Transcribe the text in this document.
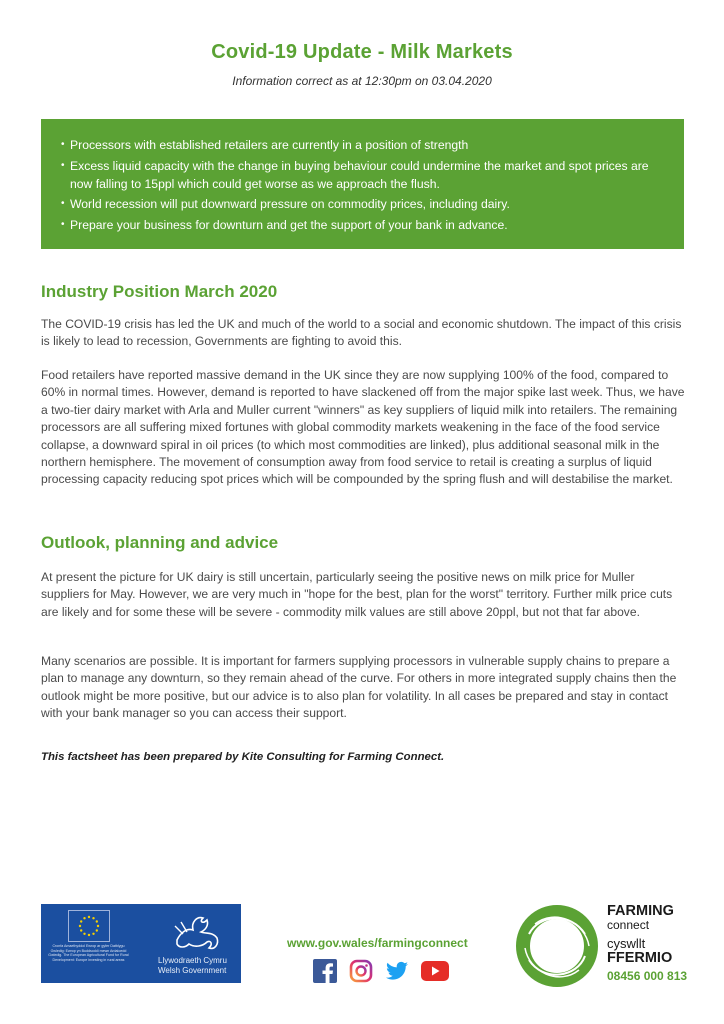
Covid-19 Update - Milk Markets
Information correct as at 12:30pm on 03.04.2020
• Processors with established retailers are currently in a position of strength
• Excess liquid capacity with the change in buying behaviour could undermine the market and spot prices are now falling to 15ppl which could get worse as we approach the flush.
• World recession will put downward pressure on commodity prices, including dairy.
• Prepare your business for downturn and get the support of your bank in advance.
Industry Position March 2020

The COVID-19 crisis has led the UK and much of the world to a social and economic shutdown. The impact of this crisis is likely to lead to recession, Governments are fighting to avoid this.

Food retailers have reported massive demand in the UK since they are now supplying 100% of the food, compared to 60% in normal times. However, demand is reported to have slackened off from the major spike last week. Thus, we have a two-tier dairy market with Arla and Muller current "winners" as key suppliers of liquid milk into retailers. The remaining processors are all suffering mixed fortunes with global commodity markets weakening in the face of the food service collapse, a downward spiral in oil prices (to which most commodities are linked), plus additional seasonal milk in the northern hemisphere. The movement of consumption away from food service to retail is creating a surplus of liquid processing capacity reducing spot prices which will be compounded by the spring flush and will destabilise the market.

Outlook, planning and advice

At present the picture for UK dairy is still uncertain, particularly seeing the positive news on milk price for Muller suppliers for May. However, we are very much in "hope for the best, plan for the worst" territory. Further milk price cuts are likely and for some these will be severe - commodity milk values are still above 20ppl, but not that far above.

Many scenarios are possible. It is important for farmers supplying processors in vulnerable supply chains to prepare a plan to manage any downturn, so they remain ahead of the curve. For others in more integrated supply chains then the outlook might be more positive, but our advice is to also plan for volatility. In all cases be prepared and stay in contact with your bank manager so you can access their support.

This factsheet has been prepared by Kite Consulting for Farming Connect.
Cronfa Amaethyddol Ewrop ar gyfer Datblygu Gwledig: Ewrop yn Buddsoddi mewn Ardaloedd Gwledig. The European Agricultural Fund for Rural Development: Europe investing in rural areas	Llywodraeth Cymru
Welsh Government
www.gov.wales/farmingconnect
FARMING
connect
cyswllt
FFERMIO
08456 000 813
